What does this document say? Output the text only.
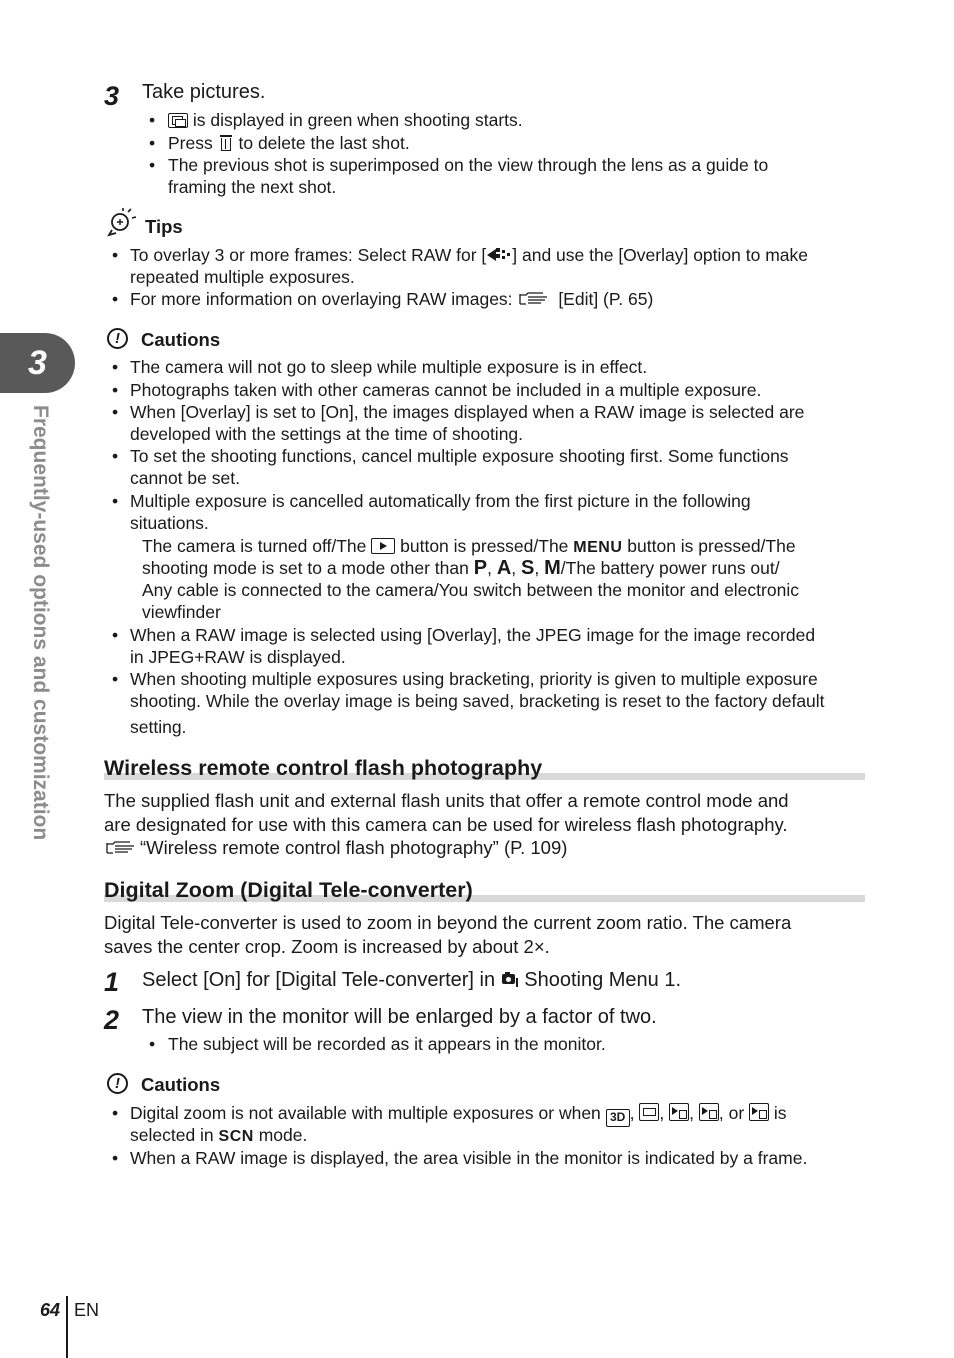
3
Frequently-used options and customization
3 Take pictures.
•	is displayed in green when shooting starts.
• Press to delete the last shot.
• The previous shot is superimposed on the view through the lens as a guide to
framing the next shot.
Tips
• To overlay 3 or more frames: Select RAW for [ ] and use the [Overlay] option to make
repeated multiple exposures.
• For more information on overlaying RAW images:	[Edit] (P. 65)
!	Cautions
• The camera will not go to sleep while multiple exposure is in effect.
• Photographs taken with other cameras cannot be included in a multiple exposure.
• When [Overlay] is set to [On], the images displayed when a RAW image is selected are
developed with the settings at the time of shooting.
• To set the shooting functions, cancel multiple exposure shooting first. Some functions
cannot be set.
• Multiple exposure is cancelled automatically from the first picture in the following
situations.
The camera is turned off/The button is pressed/The MENU button is pressed/The
shooting mode is set to a mode other than P, A, S, M/The battery power runs out/
Any cable is connected to the camera/You switch between the monitor and electronic
viewfinder
• When a RAW image is selected using [Overlay], the JPEG image for the image recorded
in JPEG+RAW is displayed.
• When shooting multiple exposures using bracketing, priority is given to multiple exposure
shooting. While the overlay image is being saved, bracketing is reset to the factory default
setting.
Wireless remote control flash photography
The supplied flash unit and external flash units that offer a remote control mode and
are designated for use with this camera can be used for wireless flash photography.
“Wireless remote control flash photography” (P. 109)
Digital Zoom (Digital Tele-converter)
Digital Tele-converter is used to zoom in beyond the current zoom ratio. The camera
saves the center crop. Zoom is increased by about 2×.
1 Select [On] for [Digital Tele-converter] in Shooting Menu 1.
2 The view in the monitor will be enlarged by a factor of two.
• The subject will be recorded as it appears in the monitor.
!	Cautions
• Digital zoom is not available with multiple exposures or when 3D ,
,
,
, or is
selected in SCN mode.
• When a RAW image is displayed, the area visible in the monitor is indicated by a frame.
64 EN
